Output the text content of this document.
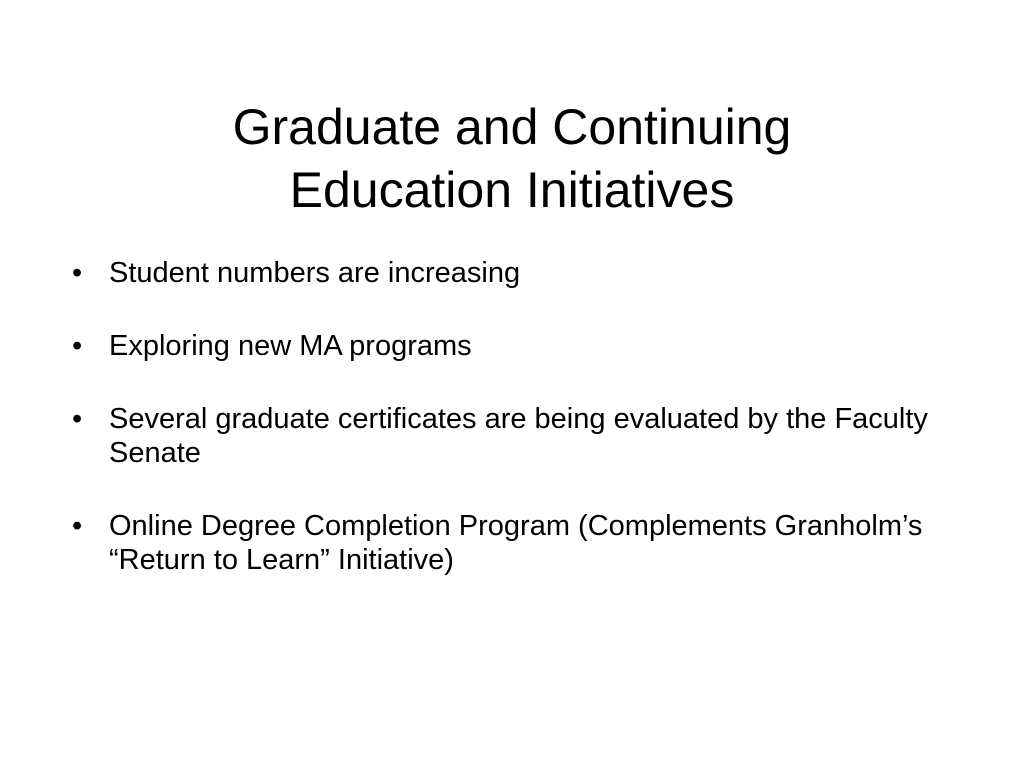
Graduate and Continuing
Education Initiatives
• Student numbers are increasing
• Exploring new MA programs
• Several graduate certificates are being evaluated by the Faculty Senate
• Online Degree Completion Program (Complements Granholm’s “Return to Learn” Initiative)
